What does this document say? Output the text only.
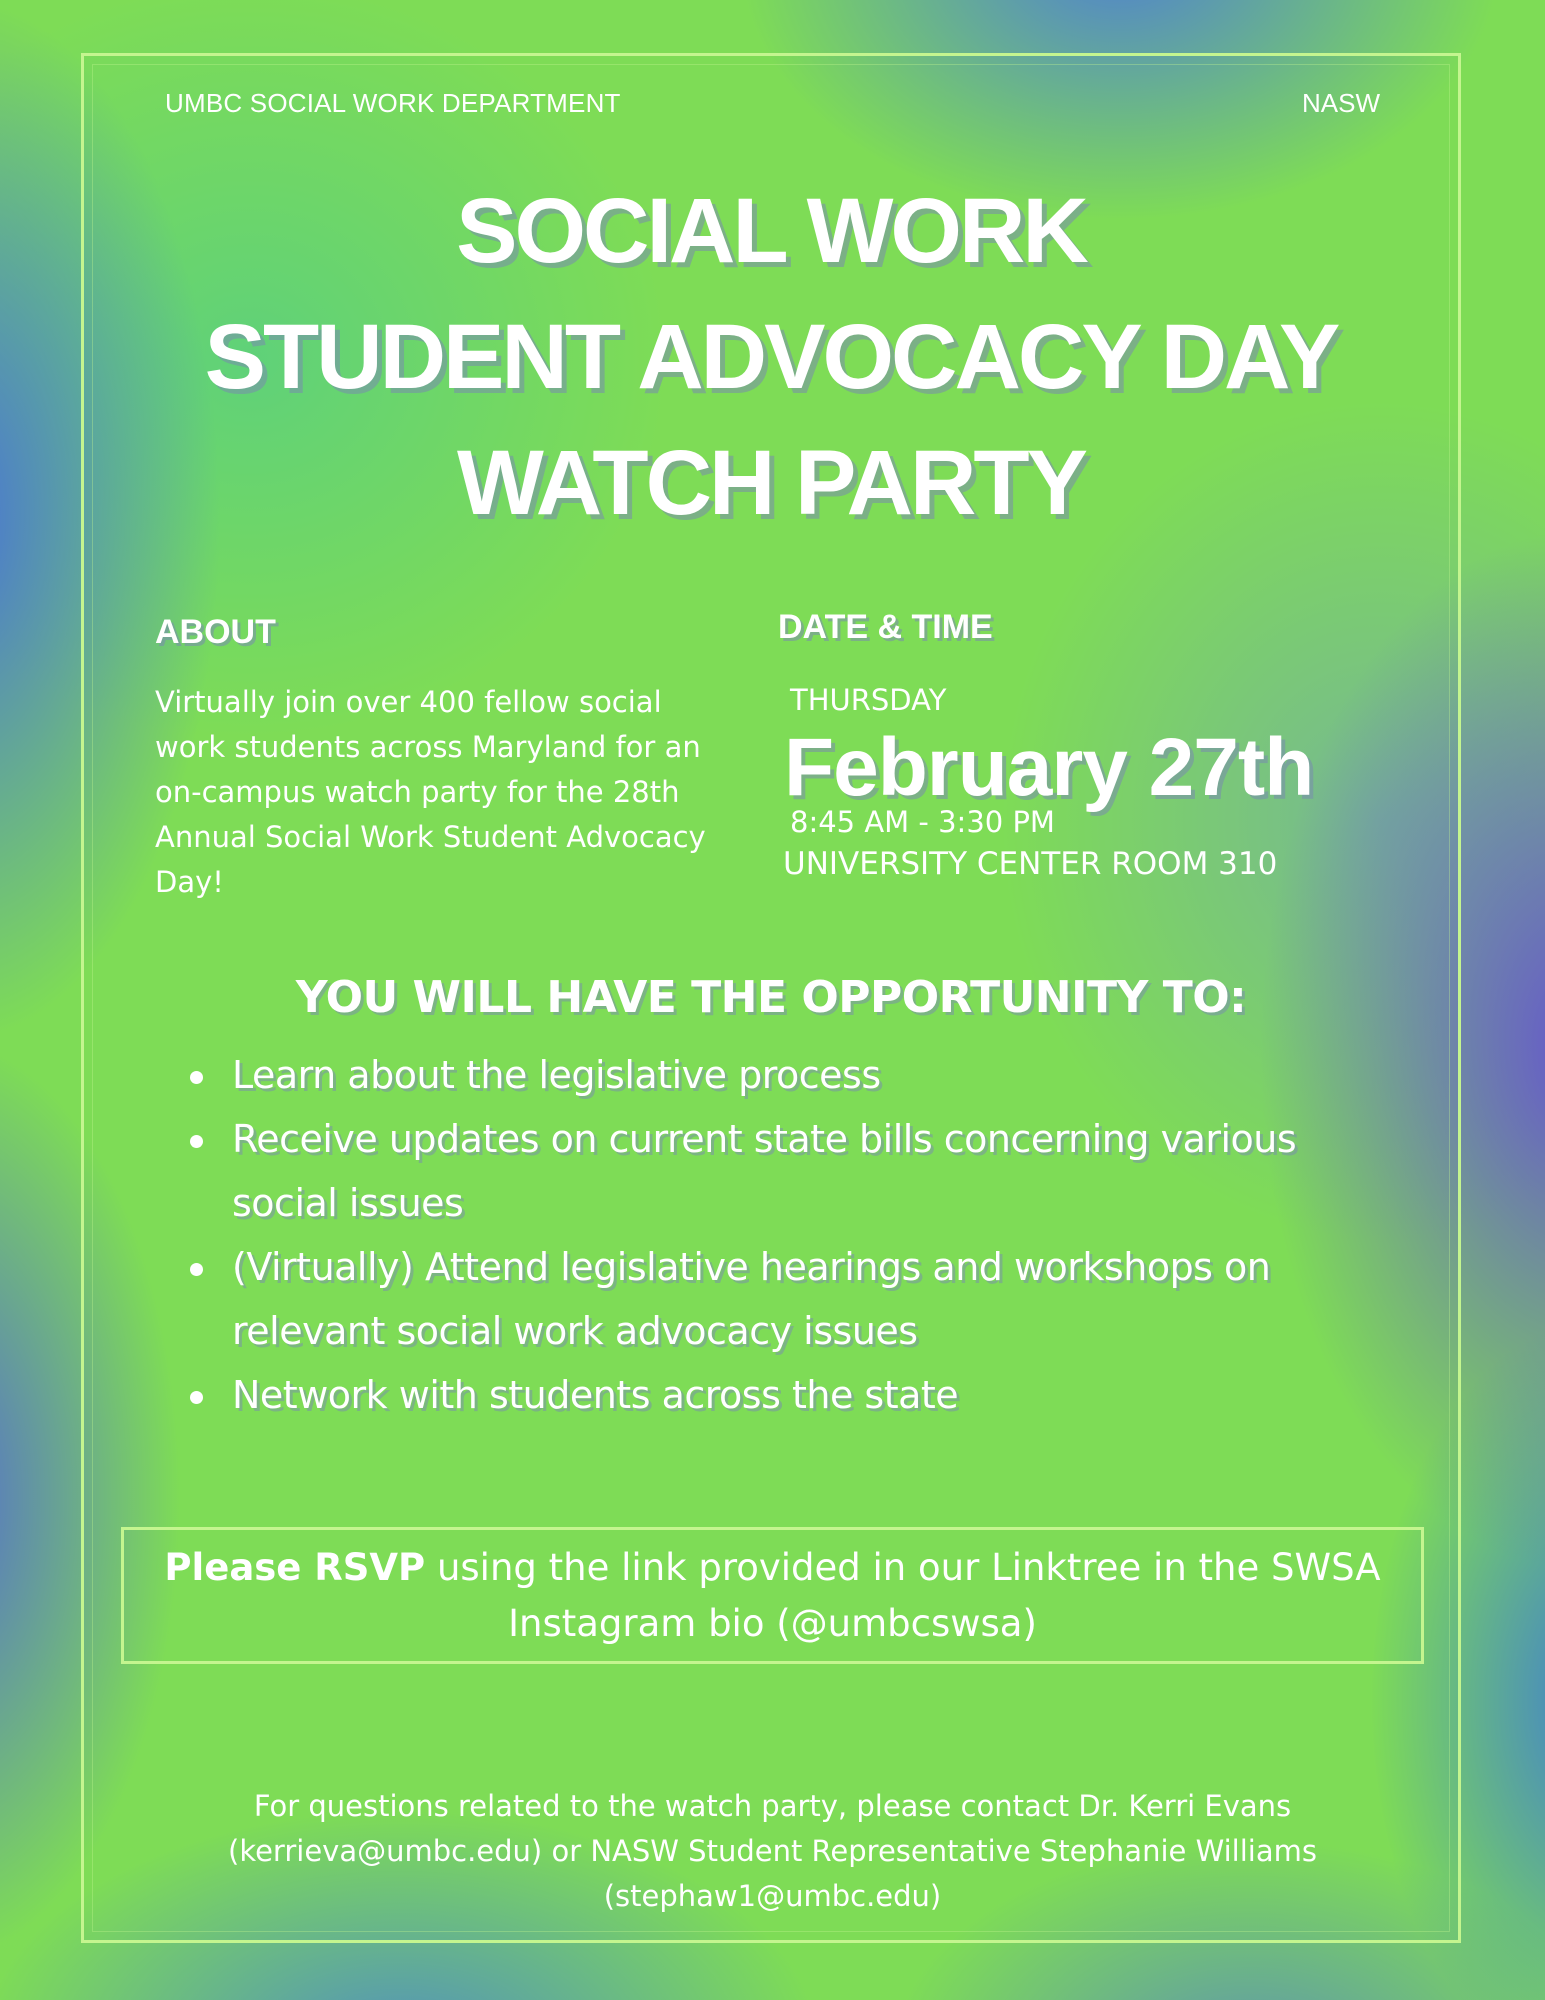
UMBC SOCIAL WORK DEPARTMENT	NASW
SOCIAL WORK
STUDENT ADVOCACY DAY
WATCH PARTY
ABOUT

Virtually join over 400 fellow social work students across Maryland for an on-campus watch party for the 28th Annual Social Work Student Advocacy Day!

DATE & TIME
THURSDAY
February 27th
8:45 AM - 3:30 PM
UNIVERSITY CENTER ROOM 310
YOU WILL HAVE THE OPPORTUNITY TO:
Learn about the legislative process
Receive updates on current state bills concerning various social issues
(Virtually) Attend legislative hearings and workshops on relevant social work advocacy issues
Network with students across the state

Please RSVP using the link provided in our Linktree in the SWSA Instagram bio (@umbcswsa)

For questions related to the watch party, please contact Dr. Kerri Evans (kerrieva@umbc.edu) or NASW Student Representative Stephanie Williams (stephaw1@umbc.edu)
